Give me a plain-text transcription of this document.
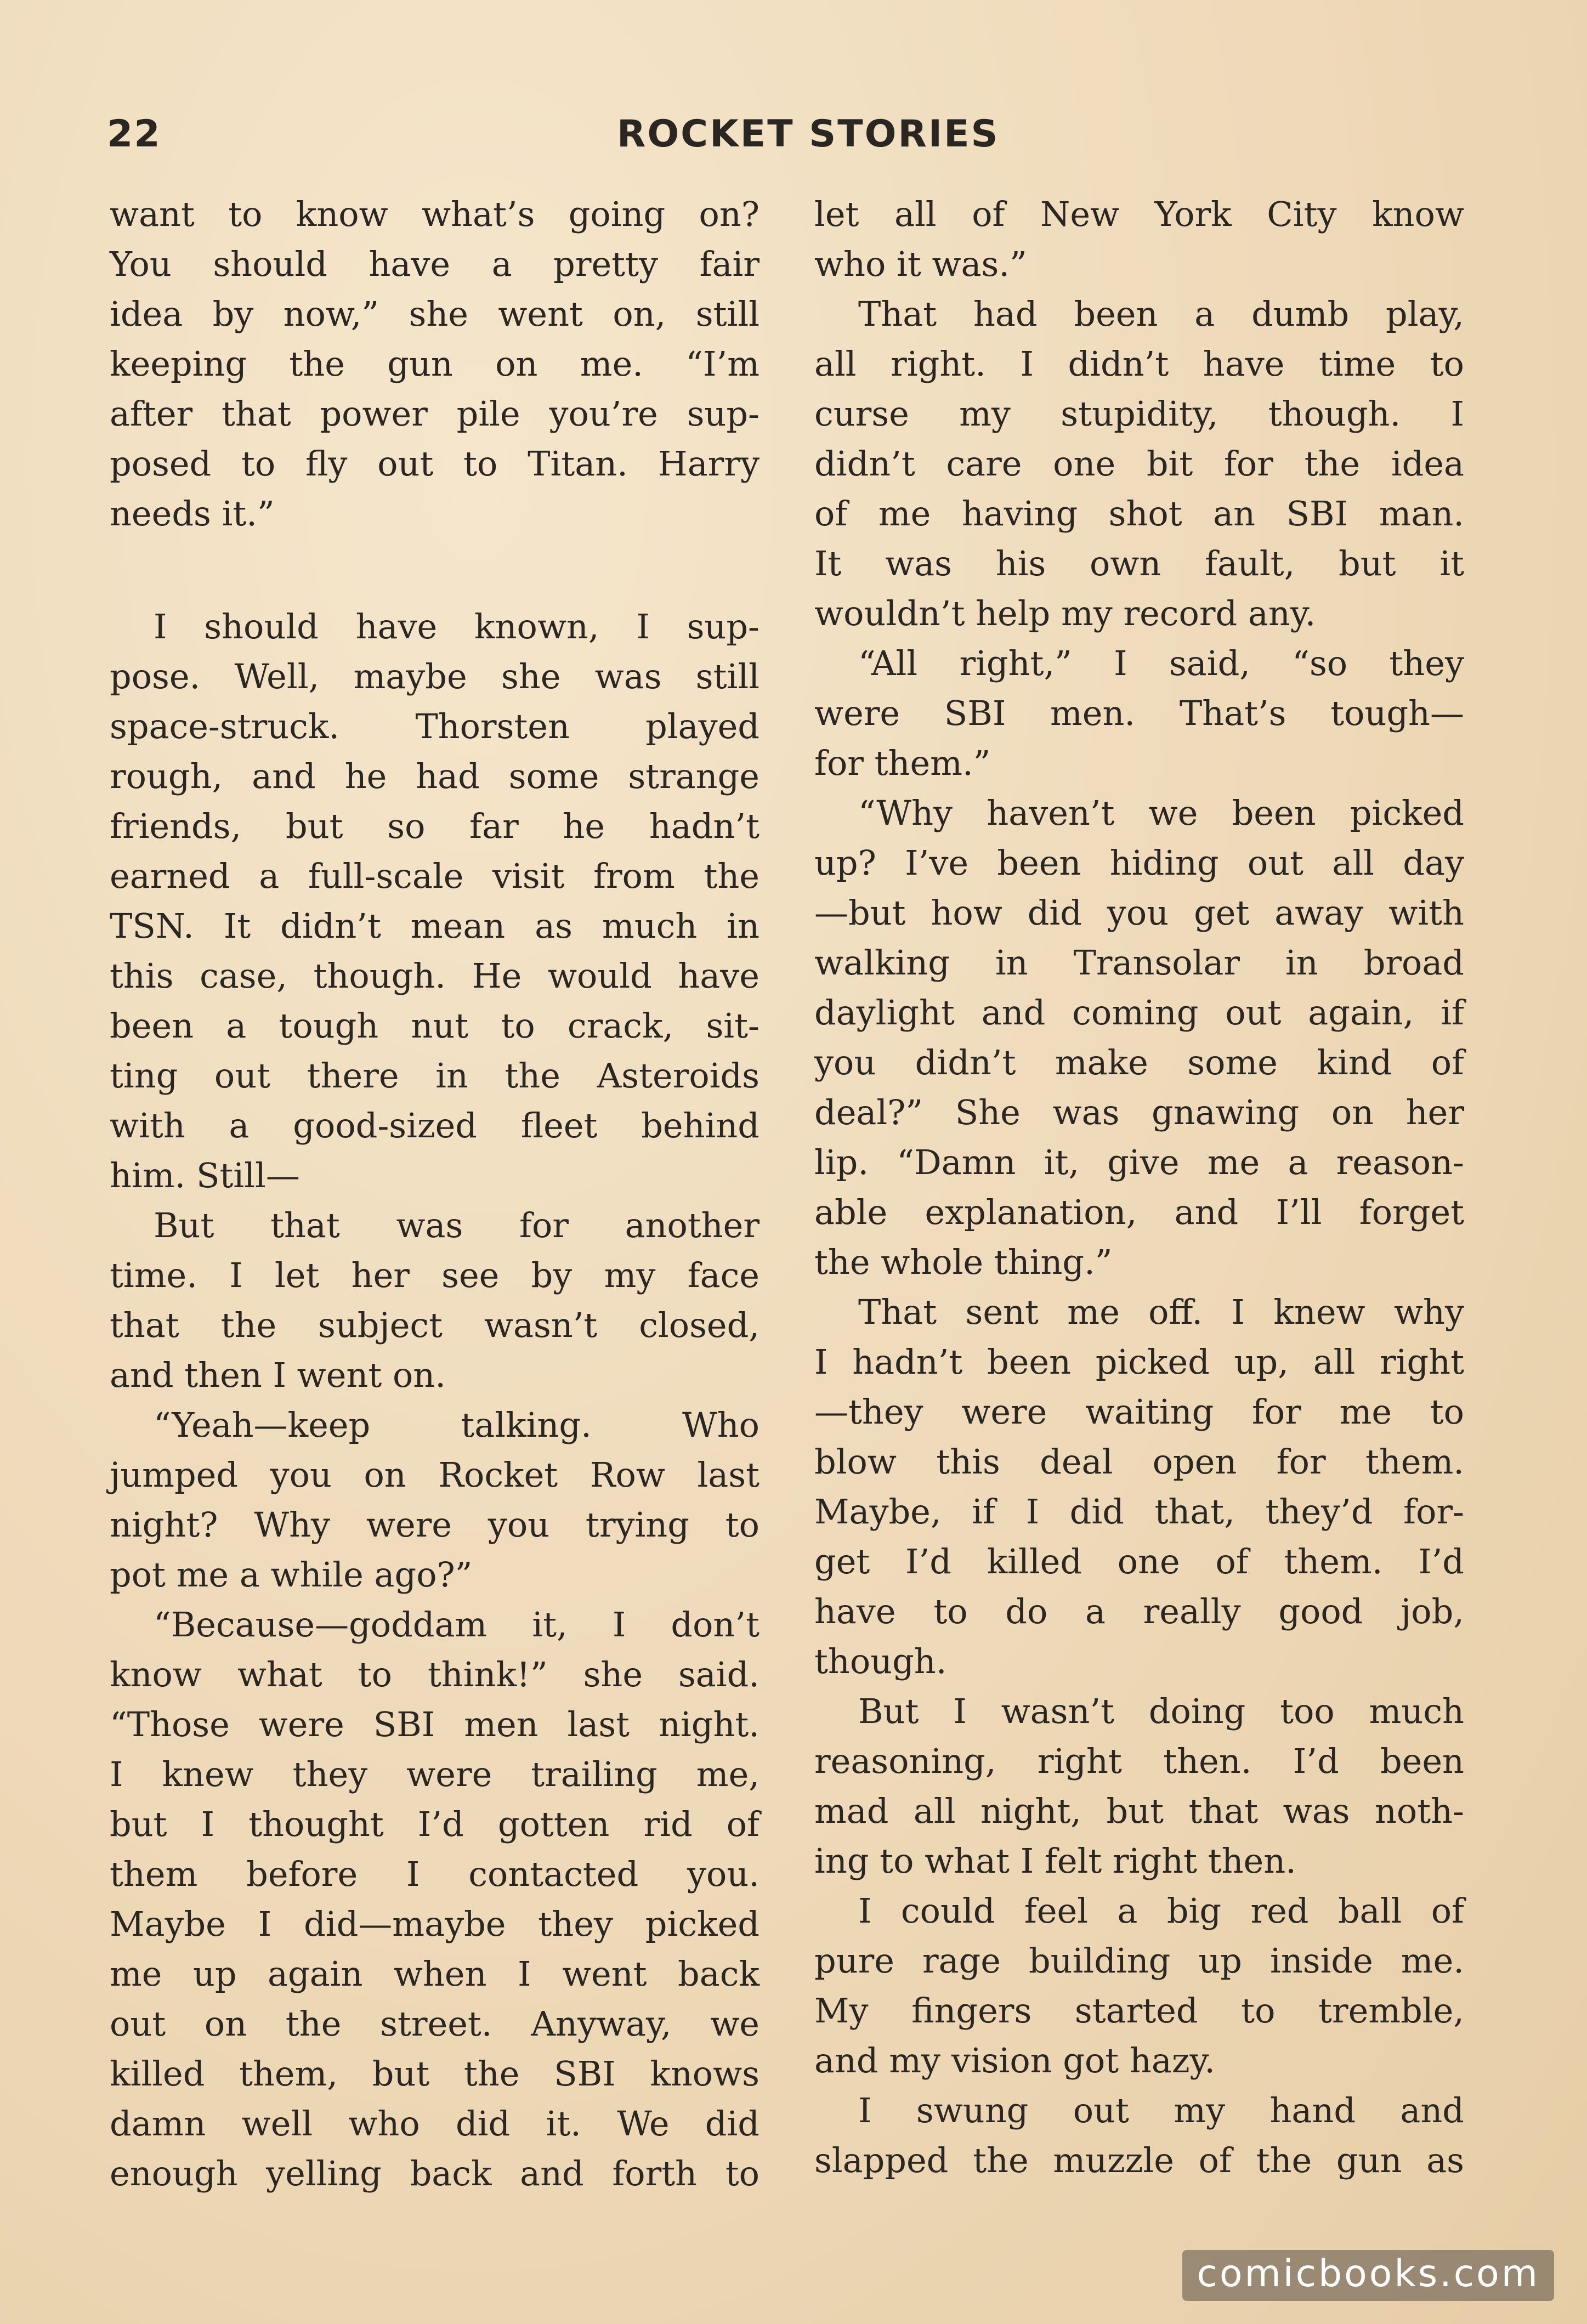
22	ROCKET STORIES
want to know what’s going on?
You should have a pretty fair
idea by now,” she went on, still
keeping the gun on me. “I’m
after that power pile you’re sup-
posed to fly out to Titan. Harry
needs it.”
I should have known, I sup-
pose. Well, maybe she was still
space-struck. Thorsten played
rough, and he had some strange
friends, but so far he hadn’t
earned a full-scale visit from the
TSN. It didn’t mean as much in
this case, though. He would have
been a tough nut to crack, sit-
ting out there in the Asteroids
with a good-sized fleet behind
him. Still—
But that was for another
time. I let her see by my face
that the subject wasn’t closed,
and then I went on.
“Yeah—keep talking. Who
jumped you on Rocket Row last
night? Why were you trying to
pot me a while ago?”
“Because—goddam it, I don’t
know what to think!” she said.
“Those were SBI men last night.
I knew they were trailing me,
but I thought I’d gotten rid of
them before I contacted you.
Maybe I did—maybe they picked
me up again when I went back
out on the street. Anyway, we
killed them, but the SBI knows
damn well who did it. We did
enough yelling back and forth to
let all of New York City know
who it was.”
That had been a dumb play,
all right. I didn’t have time to
curse my stupidity, though. I
didn’t care one bit for the idea
of me having shot an SBI man.
It was his own fault, but it
wouldn’t help my record any.
“All right,” I said, “so they
were SBI men. That’s tough—
for them.”
“Why haven’t we been picked
up? I’ve been hiding out all day
—but how did you get away with
walking in Transolar in broad
daylight and coming out again, if
you didn’t make some kind of
deal?” She was gnawing on her
lip. “Damn it, give me a reason-
able explanation, and I’ll forget
the whole thing.”
That sent me off. I knew why
I hadn’t been picked up, all right
—they were waiting for me to
blow this deal open for them.
Maybe, if I did that, they’d for-
get I’d killed one of them. I’d
have to do a really good job,
though.
But I wasn’t doing too much
reasoning, right then. I’d been
mad all night, but that was noth-
ing to what I felt right then.
I could feel a big red ball of
pure rage building up inside me.
My fingers started to tremble,
and my vision got hazy.
I swung out my hand and
slapped the muzzle of the gun as
comicbooks.com
